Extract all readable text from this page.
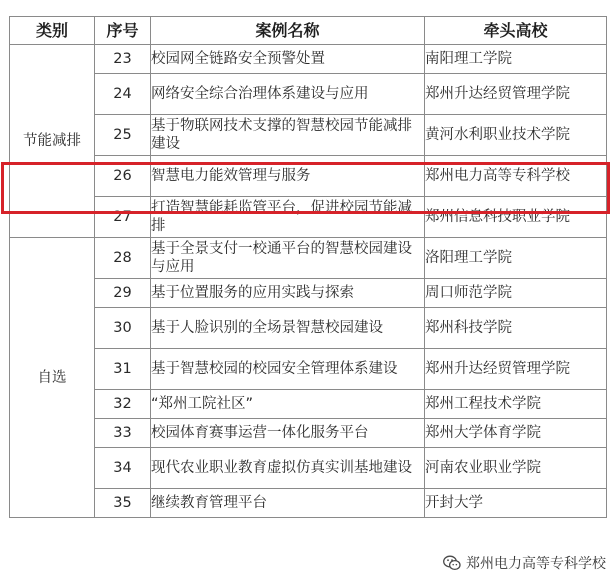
类别	序号	案例名称	牵头高校
节能减排	23	校园网全链路安全预警处置	南阳理工学院
	24	网络安全综合治理体系建设与应用	郑州升达经贸管理学院
	25	基于物联网技术支撑的智慧校园节能减排建设	黄河水利职业技术学院
	26	智慧电力能效管理与服务	郑州电力高等专科学校
	27	打造智慧能耗监管平台，促进校园节能减排	郑州信息科技职业学院
自选	28	基于全景支付一校通平台的智慧校园建设与应用	洛阳理工学院
	29	基于位置服务的应用实践与探索	周口师范学院
	30	基于人脸识别的全场景智慧校园建设	郑州科技学院
	31	基于智慧校园的校园安全管理体系建设	郑州升达经贸管理学院
	32	“郑州工院社区”	郑州工程技术学院
	33	校园体育赛事运营一体化服务平台	郑州大学体育学院
	34	现代农业职业教育虚拟仿真实训基地建设	河南农业职业学院
	35	继续教育管理平台	开封大学
郑州电力高等专科学校
